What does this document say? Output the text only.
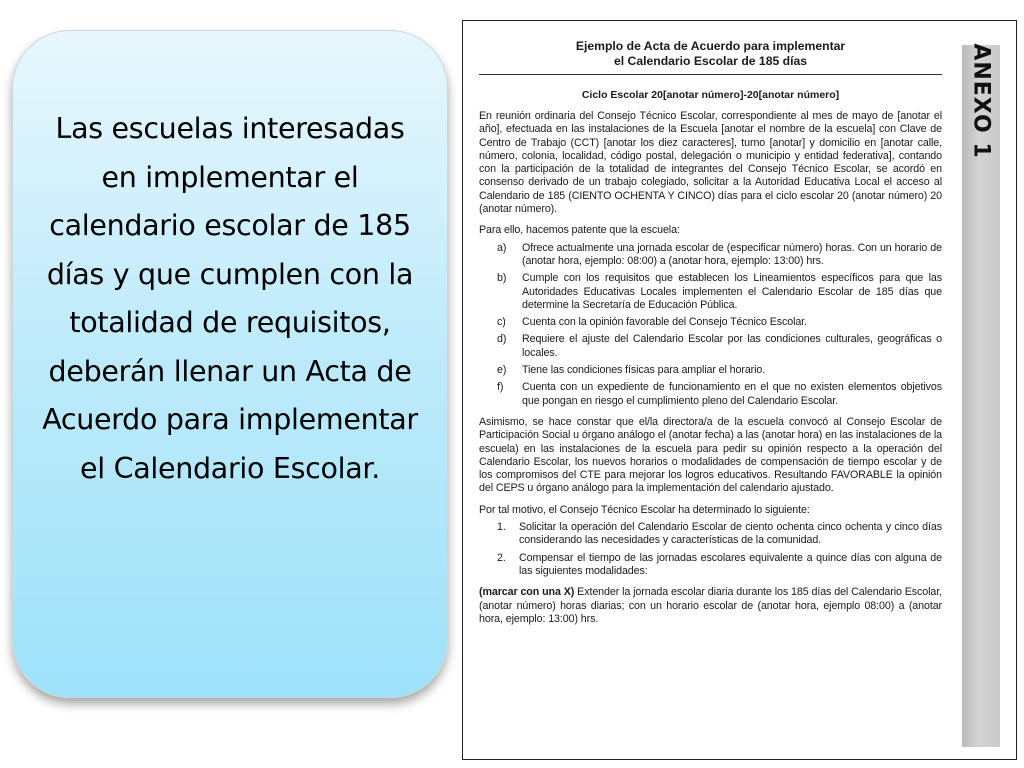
Las escuelas interesadas en implementar el calendario escolar de 185 días y que cumplen con la totalidad de requisitos, deberán llenar un Acta de Acuerdo para implementar el Calendario Escolar.
Ejemplo de Acta de Acuerdo para implementar
el Calendario Escolar de 185 días
Ciclo Escolar 20[anotar número]-20[anotar número]

En reunión ordinaria del Consejo Técnico Escolar, correspondiente al mes de mayo de [anotar el año], efectuada en las instalaciones de la Escuela [anotar el nombre de la escuela] con Clave de Centro de Trabajo (CCT) [anotar los diez caracteres], turno [anotar] y domicilio en [anotar calle, número, colonia, localidad, código postal, delegación o municipio y entidad federativa], contando con la participación de la totalidad de integrantes del Consejo Técnico Escolar, se acordó en consenso derivado de un trabajo colegiado, solicitar a la Autoridad Educativa Local el acceso al Calendario de 185 (CIENTO OCHENTA Y CINCO) días para el ciclo escolar 20 (anotar número) 20 (anotar número).

Para ello, hacemos patente que la escuela:

a)	Ofrece actualmente una jornada escolar de (especificar número) horas. Con un horario de (anotar hora, ejemplo: 08:00) a (anotar hora, ejemplo: 13:00) hrs.
b)	Cumple con los requisitos que establecen los Lineamientos específicos para que las Autoridades Educativas Locales implementen el Calendario Escolar de 185 días que determine la Secretaría de Educación Pública.
c)	Cuenta con la opinión favorable del Consejo Técnico Escolar.
d)	Requiere el ajuste del Calendario Escolar por las condiciones culturales, geográficas o locales.
e)	Tiene las condiciones físicas para ampliar el horario.
f)	Cuenta con un expediente de funcionamiento en el que no existen elementos objetivos que pongan en riesgo el cumplimiento pleno del Calendario Escolar.

Asimismo, se hace constar que el/la directora/a de la escuela convocó al Consejo Escolar de Participación Social u órgano análogo el (anotar fecha) a las (anotar hora) en las instalaciones de la escuela) en las instalaciones de la escuela para pedir su opinión respecto a la operación del Calendario Escolar, los nuevos horarios o modalidades de compensación de tiempo escolar y de los compromisos del CTE para mejorar los logros educativos. Resultando FAVORABLE la opinión del CEPS u órgano análogo para la implementación del calendario ajustado.

Por tal motivo, el Consejo Técnico Escolar ha determinado lo siguiente:

1.	Solicitar la operación del Calendario Escolar de ciento ochenta cinco ochenta y cinco días considerando las necesidades y características de la comunidad.
2.	Compensar el tiempo de las jornadas escolares equivalente a quince días con alguna de las siguientes modalidades:

(marcar con una X) Extender la jornada escolar diaria durante los 185 días del Calendario Escolar, (anotar número) horas diarias; con un horario escolar de (anotar hora, ejemplo 08:00) a (anotar hora, ejemplo: 13:00) hrs.

ANEXO 1
